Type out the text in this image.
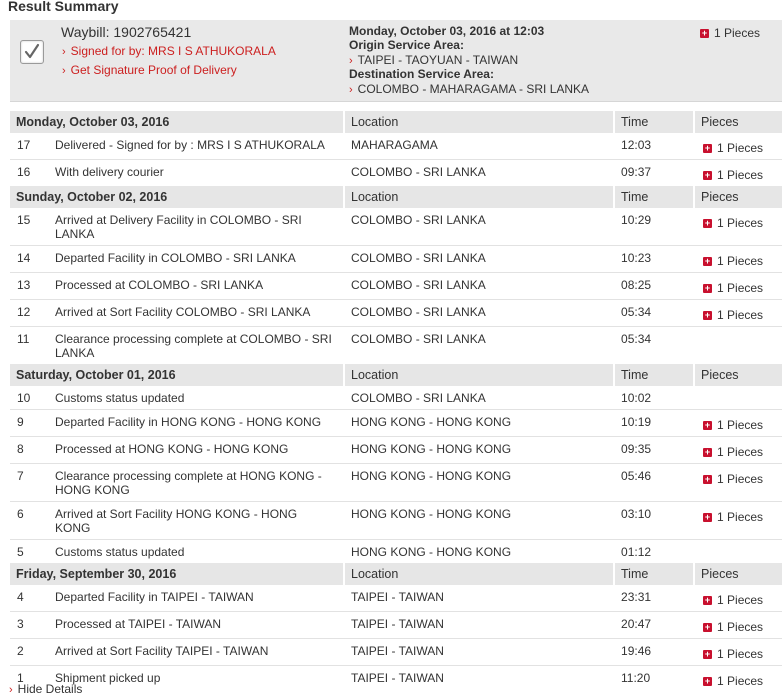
Result Summary
Waybill: 1902765421
› Signed for by: MRS I S ATHUKORALA
› Get Signature Proof of Delivery
Monday, October 03, 2016 at 12:03
Origin Service Area:
› TAIPEI - TAOYUAN - TAIWAN
Destination Service Area:
› COLOMBO - MAHARAGAMA - SRI LANKA
+ 1 Pieces
Monday, October 03, 2016		Location	Time	Pieces
17	Delivered - Signed for by : MRS I S ATHUKORALA	MAHARAGAMA	12:03	+ 1 Pieces
16	With delivery courier	COLOMBO - SRI LANKA	09:37	+ 1 Pieces
Sunday, October 02, 2016		Location	Time	Pieces
15	Arrived at Delivery Facility in COLOMBO - SRI LANKA	COLOMBO - SRI LANKA	10:29	+ 1 Pieces
14	Departed Facility in COLOMBO - SRI LANKA	COLOMBO - SRI LANKA	10:23	+ 1 Pieces
13	Processed at COLOMBO - SRI LANKA	COLOMBO - SRI LANKA	08:25	+ 1 Pieces
12	Arrived at Sort Facility COLOMBO - SRI LANKA	COLOMBO - SRI LANKA	05:34	+ 1 Pieces
11	Clearance processing complete at COLOMBO - SRI LANKA	COLOMBO - SRI LANKA	05:34	
Saturday, October 01, 2016		Location	Time	Pieces
10	Customs status updated	COLOMBO - SRI LANKA	10:02	
9	Departed Facility in HONG KONG - HONG KONG	HONG KONG - HONG KONG	10:19	+ 1 Pieces
8	Processed at HONG KONG - HONG KONG	HONG KONG - HONG KONG	09:35	+ 1 Pieces
7	Clearance processing complete at HONG KONG - HONG KONG	HONG KONG - HONG KONG	05:46	+ 1 Pieces
6	Arrived at Sort Facility HONG KONG - HONG KONG	HONG KONG - HONG KONG	03:10	+ 1 Pieces
5	Customs status updated	HONG KONG - HONG KONG	01:12	
Friday, September 30, 2016		Location	Time	Pieces
4	Departed Facility in TAIPEI - TAIWAN	TAIPEI - TAIWAN	23:31	+ 1 Pieces
3	Processed at TAIPEI - TAIWAN	TAIPEI - TAIWAN	20:47	+ 1 Pieces
2	Arrived at Sort Facility TAIPEI - TAIWAN	TAIPEI - TAIWAN	19:46	+ 1 Pieces
1	Shipment picked up	TAIPEI - TAIWAN	11:20	+ 1 Pieces
› Hide Details
